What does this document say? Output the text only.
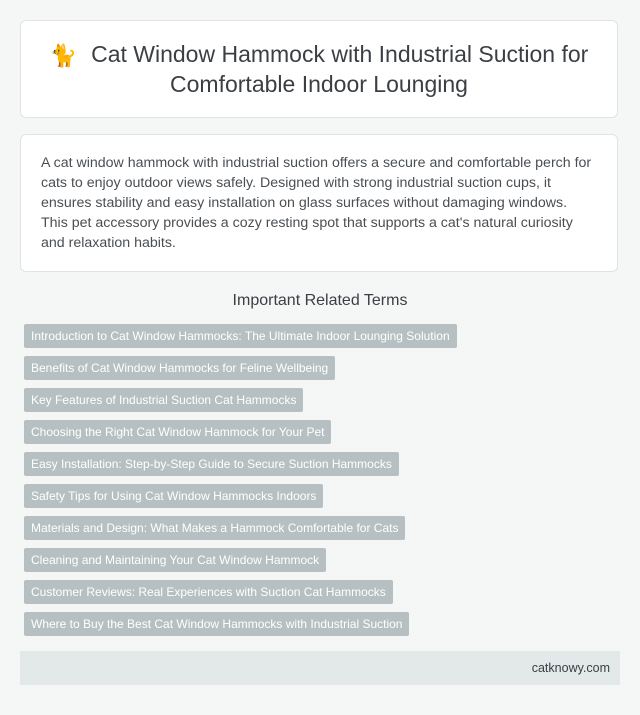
🐈 Cat Window Hammock with Industrial Suction for Comfortable Indoor Lounging

A cat window hammock with industrial suction offers a secure and comfortable perch for cats to enjoy outdoor views safely. Designed with strong industrial suction cups, it ensures stability and easy installation on glass surfaces without damaging windows. This pet accessory provides a cozy resting spot that supports a cat's natural curiosity and relaxation habits.

Important Related Terms
Introduction to Cat Window Hammocks: The Ultimate Indoor Lounging Solution
Benefits of Cat Window Hammocks for Feline Wellbeing
Key Features of Industrial Suction Cat Hammocks
Choosing the Right Cat Window Hammock for Your Pet
Easy Installation: Step-by-Step Guide to Secure Suction Hammocks
Safety Tips for Using Cat Window Hammocks Indoors
Materials and Design: What Makes a Hammock Comfortable for Cats
Cleaning and Maintaining Your Cat Window Hammock
Customer Reviews: Real Experiences with Suction Cat Hammocks
Where to Buy the Best Cat Window Hammocks with Industrial Suction
catknowy.com
